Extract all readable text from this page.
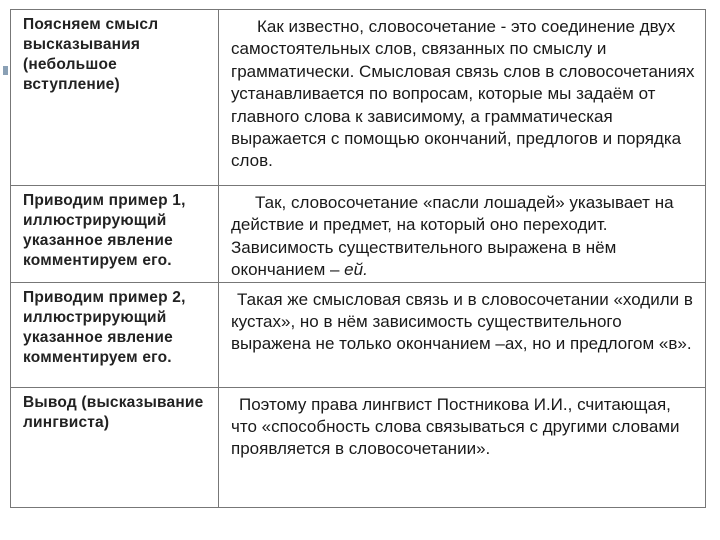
Поясняем смысл высказывания (небольшое вступление)	Как известно, словосочетание - это соединение двух самостоятельных слов, связанных по смыслу и грамматически. Смысловая связь слов в словосочетаниях устанавливается по вопросам, которые мы задаём от главного слова к зависимому, а грамматическая выражается с помощью окончаний, предлогов и порядка слов.
Приводим пример 1, иллюстрирующий указанное явление комментируем его.	Так, словосочетание «пасли лошадей» указывает на действие и предмет, на который оно переходит. Зависимость существительного выражена в нём окончанием – ей.
Приводим пример 2, иллюстрирующий указанное явление комментируем его.	Такая же смысловая связь и в словосочетании «ходили в кустах», но в нём зависимость существительного выражена не только окончанием –ах, но и предлогом «в».
Вывод (высказывание лингвиста)	Поэтому права лингвист Постникова И.И., считающая, что «способность слова связываться с другими словами проявляется в словосочетании».
